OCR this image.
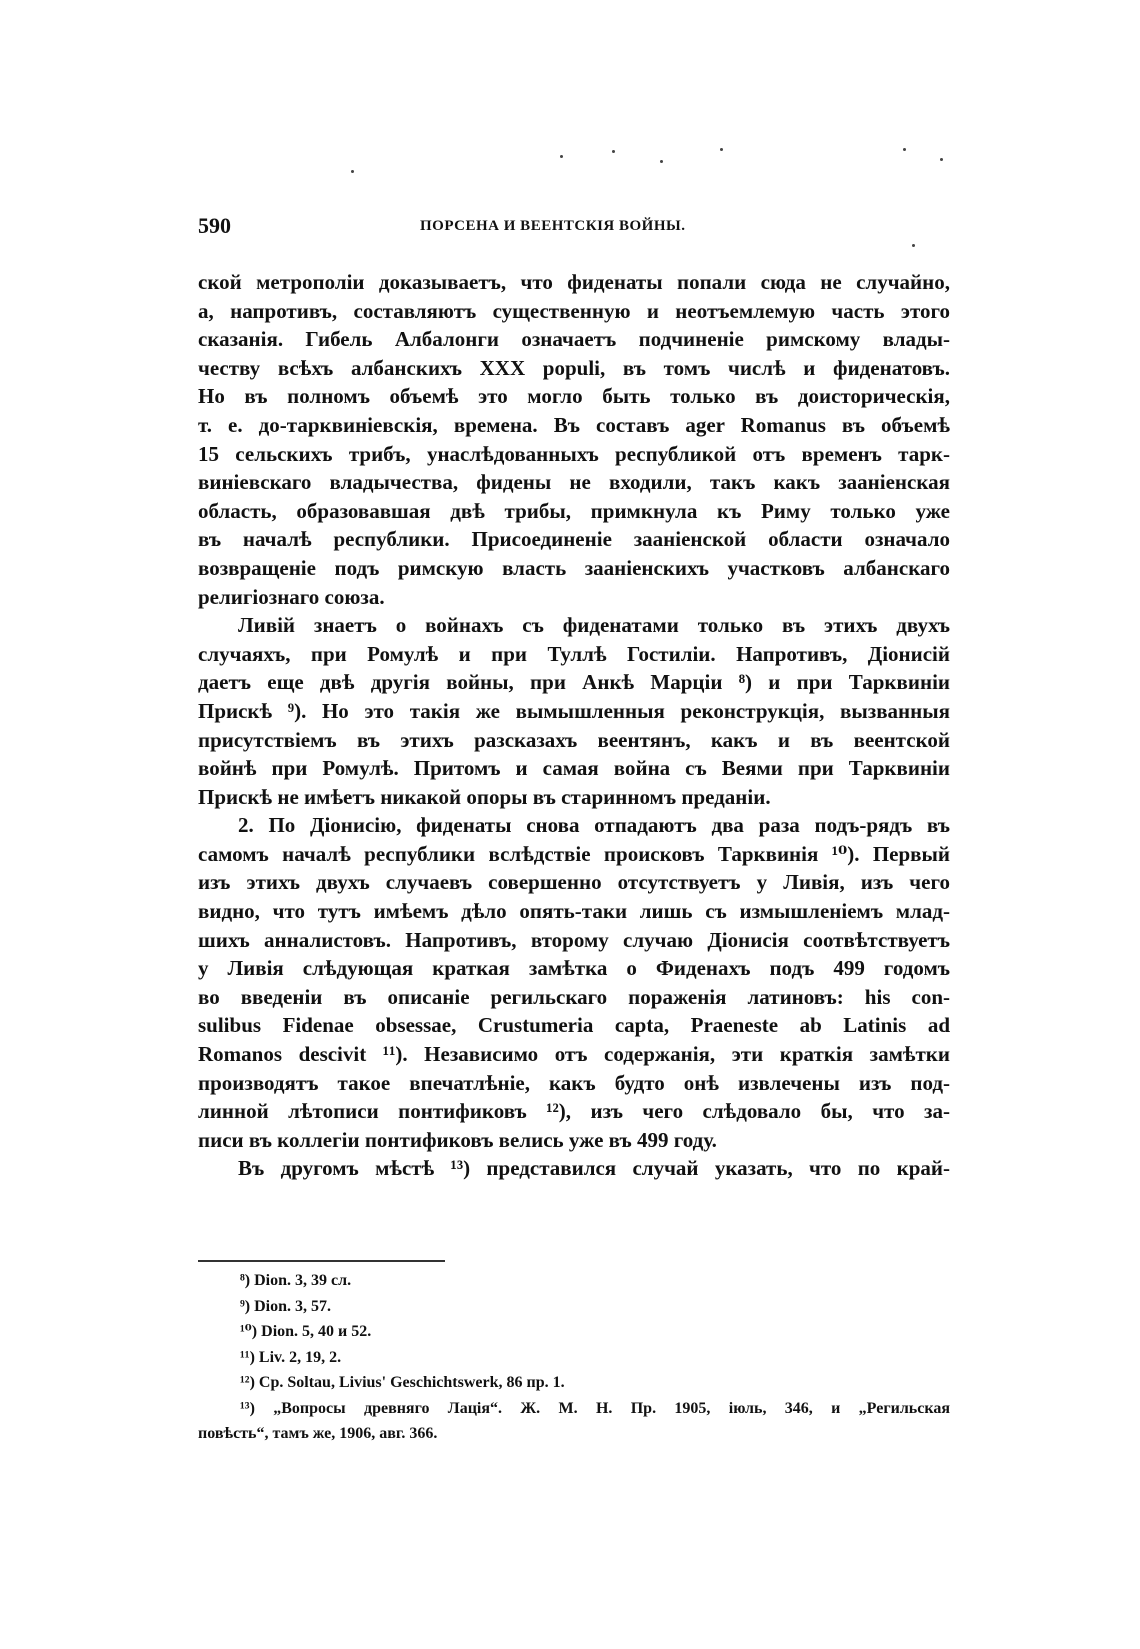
590	ПОРСЕНА И ВЕЕНТСКІЯ ВОЙНЫ.
ской метрополіи доказываетъ, что фиденаты попали сюда не случайно,
а, напротивъ, составляютъ существенную и неотъемлемую часть этого
сказанія. Гибель Албалонги означаетъ подчиненіе римскому влады-
честву всѣхъ албанскихъ XXX populi, въ томъ числѣ и фиденатовъ.
Но въ полномъ объемѣ это могло быть только въ доисторическія,
т. е. до-тарквиніевскія, времена. Въ составъ ager Romanus въ объемѣ
15 сельскихъ трибъ, унаслѣдованныхъ республикой отъ временъ тарк-
виніевскаго владычества, фидены не входили, такъ какъ зааніенская
область, образовавшая двѣ трибы, примкнула къ Риму только уже
въ началѣ республики. Присоединеніе зааніенской области означало
возвращеніе подъ римскую власть зааніенскихъ участковъ албанскаго
религіознаго союза.
Ливій знаетъ о войнахъ съ фиденатами только въ этихъ двухъ
случаяхъ, при Ромулѣ и при Туллѣ Гостиліи. Напротивъ, Діонисій
даетъ еще двѣ другія войны, при Анкѣ Марціи ⁸) и при Тарквиніи
Прискѣ ⁹). Но это такія же вымышленныя реконструкція, вызванныя
присутствіемъ въ этихъ разсказахъ веентянъ, какъ и въ веентской
войнѣ при Ромулѣ. Притомъ и самая война съ Веями при Тарквиніи
Прискѣ не имѣетъ никакой опоры въ старинномъ преданіи.
2. По Діонисію, фиденаты снова отпадаютъ два раза подъ-рядъ въ
самомъ началѣ республики вслѣдствіе происковъ Тарквинія ¹⁰). Первый
изъ этихъ двухъ случаевъ совершенно отсутствуетъ у Ливія, изъ чего
видно, что тутъ имѣемъ дѣло опять-таки лишь съ измышленіемъ млад-
шихъ анналистовъ. Напротивъ, второму случаю Діонисія соотвѣтствуетъ
у Ливія слѣдующая краткая замѣтка о Фиденахъ подъ 499 годомъ
во введеніи въ описаніе регильскаго пораженія латиновъ: his con-
sulibus Fidenae obsessae, Crustumeria capta, Praeneste ab Latinis ad
Romanos descivit ¹¹). Независимо отъ содержанія, эти краткія замѣтки
производятъ такое впечатлѣніе, какъ будто онѣ извлечены изъ под-
линной лѣтописи понтификовъ ¹²), изъ чего слѣдовало бы, что за-
писи въ коллегіи понтификовъ велись уже въ 499 году.
Въ другомъ мѣстѣ ¹³) представился случай указать, что по край-
⁸) Dion. 3, 39 сл.
⁹) Dion. 3, 57.
¹⁰) Dion. 5, 40 и 52.
¹¹) Liv. 2, 19, 2.
¹²) Ср. Soltau, Livius' Geschichtswerk, 86 пр. 1.
¹³) „Вопросы древняго Лація“. Ж. М. Н. Пр. 1905, іюль, 346, и „Регильская
повѣсть“, тамъ же, 1906, авг. 366.
